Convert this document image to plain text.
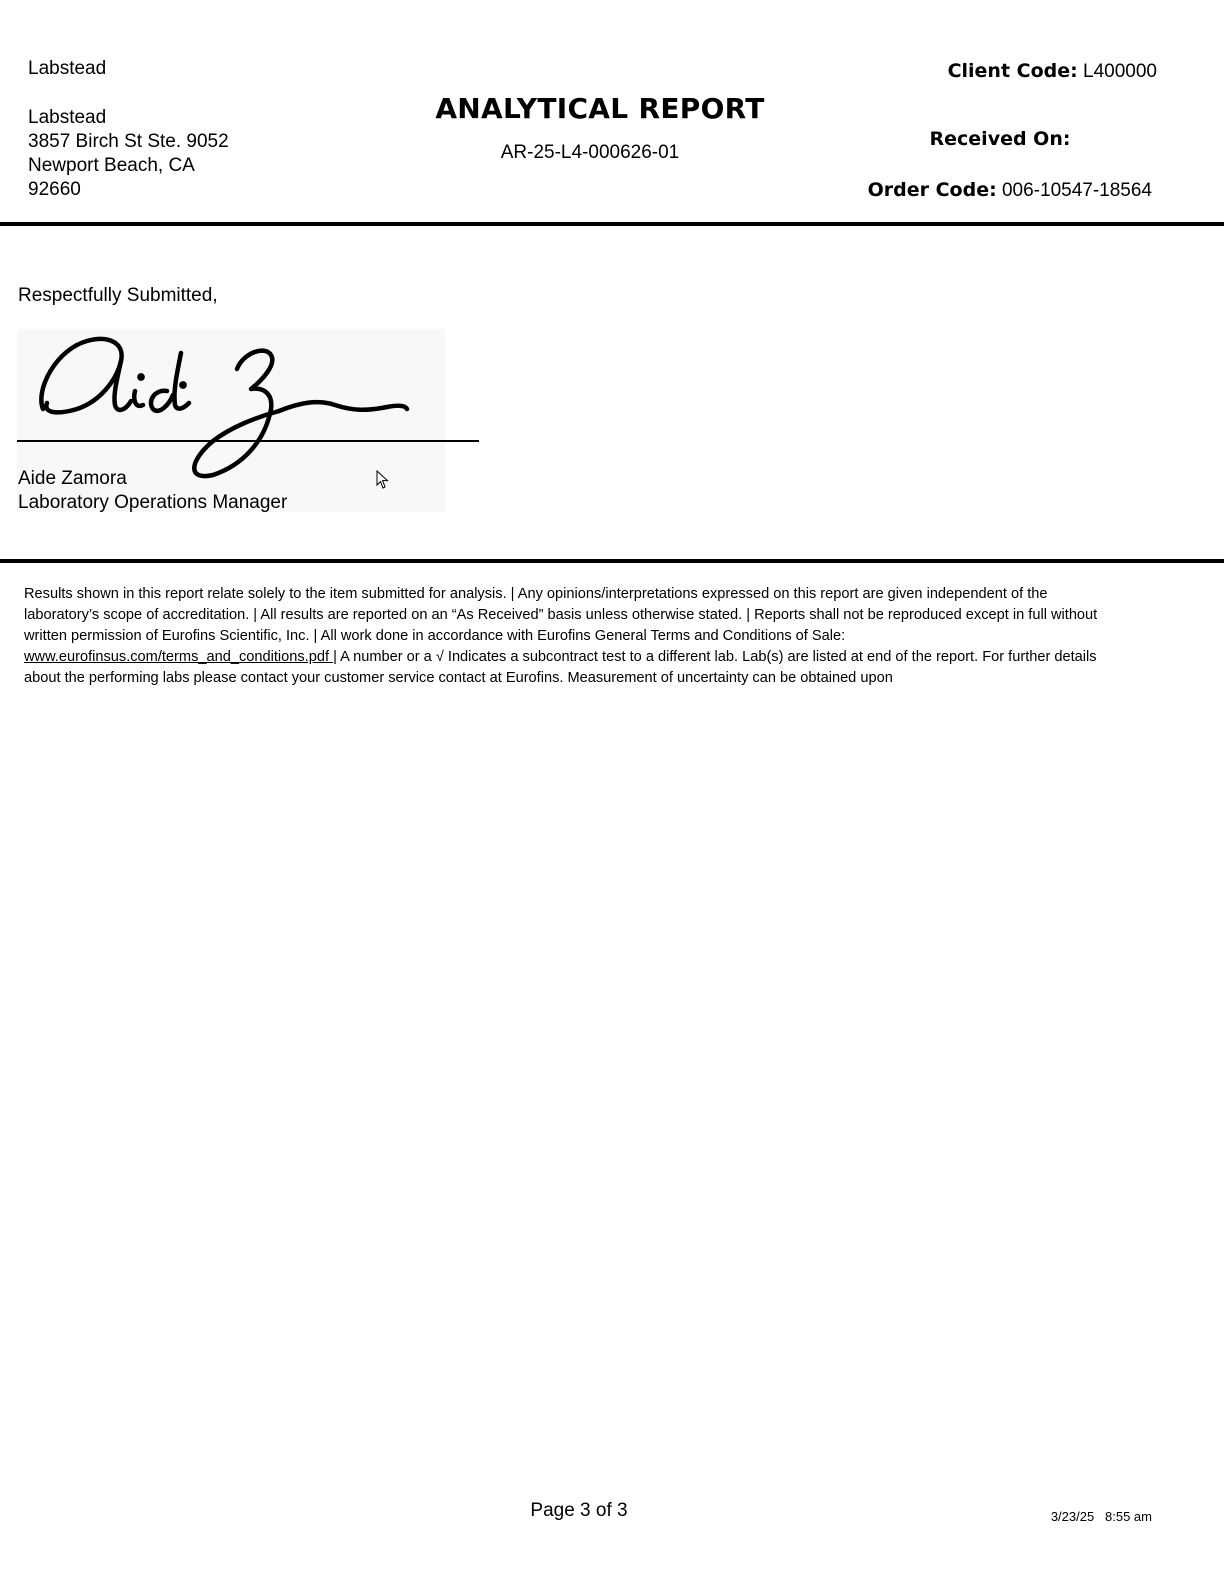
Labstead
Labstead
3857 Birch St Ste. 9052
Newport Beach, CA
92660
ANALYTICAL REPORT
AR-25-L4-000626-01
Client Code: L400000
Received On:
Order Code: 006-10547-18564
Respectfully Submitted,
Aide Zamora
Laboratory Operations Manager
Results shown in this report relate solely to the item submitted for analysis. | Any opinions/interpretations expressed on this report are given independent of the laboratory’s scope of accreditation. | All results are reported on an “As Received” basis unless otherwise stated. | Reports shall not be reproduced except in full without written permission of Eurofins Scientific, Inc. | All work done in accordance with Eurofins General Terms and Conditions of Sale: www.eurofinsus.com/terms_and_conditions.pdf | A number or a √ Indicates a subcontract test to a different lab. Lab(s) are listed at end of the report. For further details about the performing labs please contact your customer service contact at Eurofins. Measurement of uncertainty can be obtained upon
Page 3 of 3	3/23/25   8:55 am
